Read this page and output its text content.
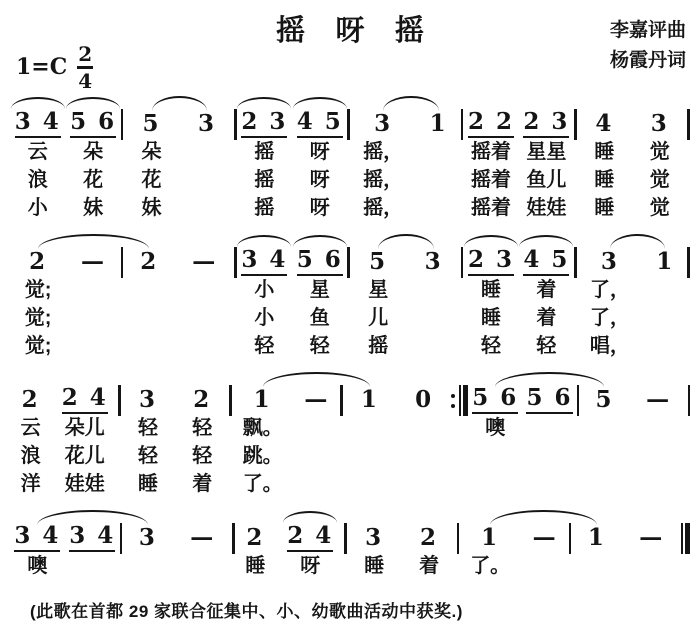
摇呀摇	李嘉评曲
杨霞丹词
$1=C \frac{2}{4}$
3 4
云
浪
小
5 6
朵
花
妹
5
朵
花
妹
3 2 3
摇
摇
摇
4 5
呀
呀
呀
3
摇，
摇，
摇，
1 2 2
摇着
摇着
摇着
2 3
星星
鱼儿
娃娃
4
睡
睡
睡
3
觉
觉
觉
2
觉;
觉;
觉;
— 2 — 3 4
小
小
轻
5 6
星
鱼
轻
5
星
儿
摇
3 2 3
睡
睡
轻
4 5
着
着
轻
3
了，
了，
唱，
1
2
云
浪
洋
2 4
朵儿
花儿
娃娃
3
轻
轻
睡
2
轻
轻
着
1
飘。
跳。
了。
— 1 0 5 6
噢
5 6 5 —
3 4
噢
3 4 3 — 2
睡
2 4
呀
3
睡
2
着
1
了。
— 1 —
(此歌在首都 29 家联合征集中、小、幼歌曲活动中获奖.)
